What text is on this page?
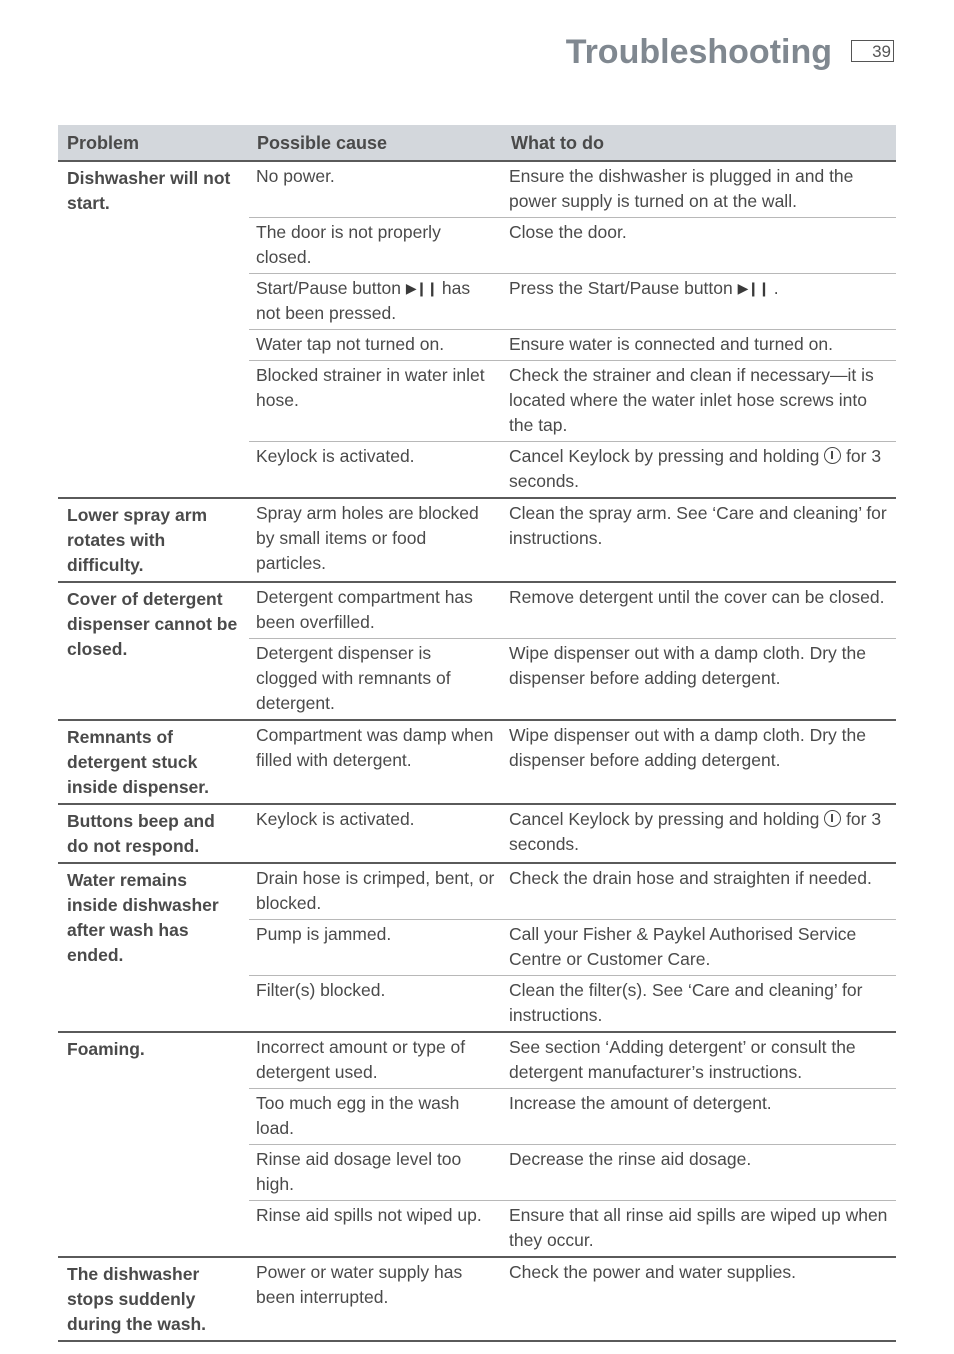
Troubleshooting	39
Problem	Possible cause	What to do
Dishwasher will not start.	No power.	Ensure the dishwasher is plugged in and the power supply is turned on at the wall.
	The door is not properly closed.	Close the door.
	Start/Pause button ▶❙❙ has not been pressed.	Press the Start/Pause button ▶❙❙ .
	Water tap not turned on.	Ensure water is connected and turned on.
	Blocked strainer in water inlet hose.	Check the strainer and clean if necessary—it is located where the water inlet hose screws into the tap.
	Keylock is activated.	Cancel Keylock by pressing and holding  for 3 seconds.
Lower spray arm rotates with difficulty.	Spray arm holes are blocked by small items or food particles.	Clean the spray arm. See ‘Care and cleaning’ for instructions.
Cover of detergent dispenser cannot be closed.	Detergent compartment has been overfilled.	Remove detergent until the cover can be closed.
	Detergent dispenser is clogged with remnants of detergent.	Wipe dispenser out with a damp cloth. Dry the dispenser before adding detergent.
Remnants of detergent stuck inside dispenser.	Compartment was damp when filled with detergent.	Wipe dispenser out with a damp cloth. Dry the dispenser before adding detergent.
Buttons beep and do not respond.	Keylock is activated.	Cancel Keylock by pressing and holding  for 3 seconds.
Water remains inside dishwasher after wash has ended.	Drain hose is crimped, bent, or blocked.	Check the drain hose and straighten if needed.
	Pump is jammed.	Call your Fisher & Paykel Authorised Service Centre or Customer Care.
	Filter(s) blocked.	Clean the filter(s). See ‘Care and cleaning’ for instructions.
Foaming.	Incorrect amount or type of detergent used.	See section ‘Adding detergent’ or consult the detergent manufacturer’s instructions.
	Too much egg in the wash load.	Increase the amount of detergent.
	Rinse aid dosage level too high.	Decrease the rinse aid dosage.
	Rinse aid spills not wiped up.	Ensure that all rinse aid spills are wiped up when they occur.
The dishwasher stops suddenly during the wash.	Power or water supply has been interrupted.	Check the power and water supplies.
